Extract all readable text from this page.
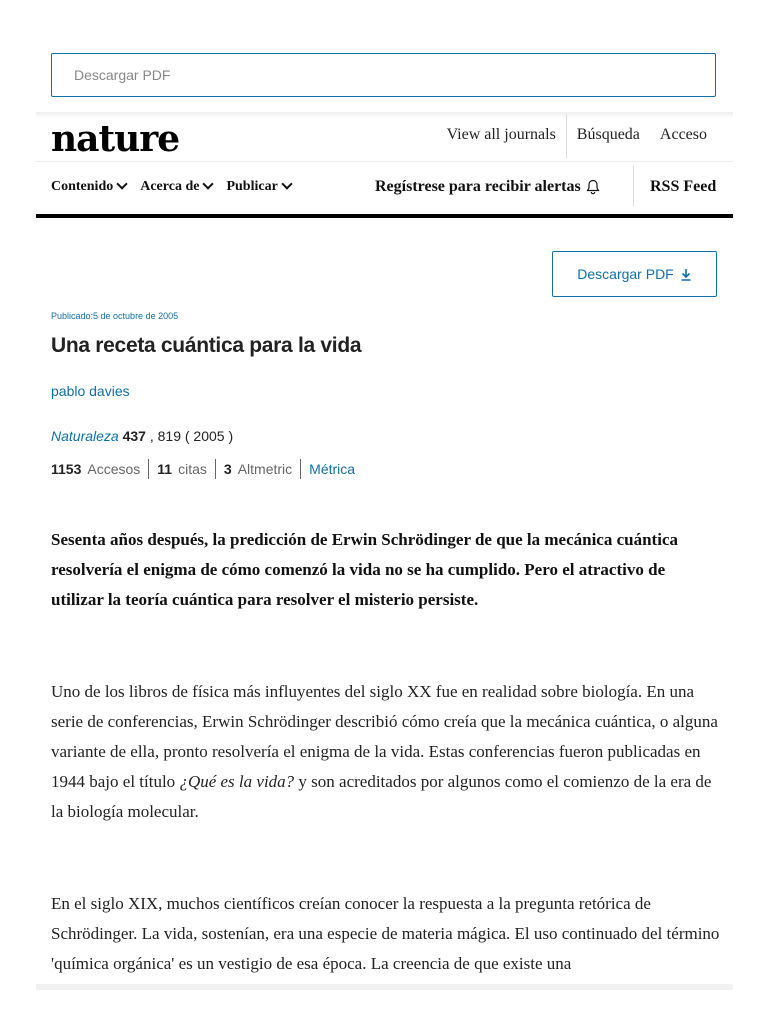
Descargar PDF
nature	View all journals	Búsqueda	Acceso
Contenido Acerca de Publicar	Regístrese para recibir alertas	RSS Feed
Descargar PDF
Publicado:5 de octubre de 2005
Una receta cuántica para la vida
pablo davies
Naturaleza 437 , 819 ( 2005 )
1153 Accesos 11 citas 3 Altmetric Métrica

Sesenta años después, la predicción de Erwin Schrödinger de que la mecánica cuántica resolvería el enigma de cómo comenzó la vida no se ha cumplido. Pero el atractivo de utilizar la teoría cuántica para resolver el misterio persiste.

Uno de los libros de física más influyentes del siglo XX fue en realidad sobre biología. En una serie de conferencias, Erwin Schrödinger describió cómo creía que la mecánica cuántica, o alguna variante de ella, pronto resolvería el enigma de la vida. Estas conferencias fueron publicadas en 1944 bajo el título ¿Qué es la vida? y son acreditados por algunos como el comienzo de la era de la biología molecular.

En el siglo XIX, muchos científicos creían conocer la respuesta a la pregunta retórica de Schrödinger. La vida, sostenían, era una especie de materia mágica. El uso continuado del término 'química orgánica' es un vestigio de esa época. La creencia de que existe una
